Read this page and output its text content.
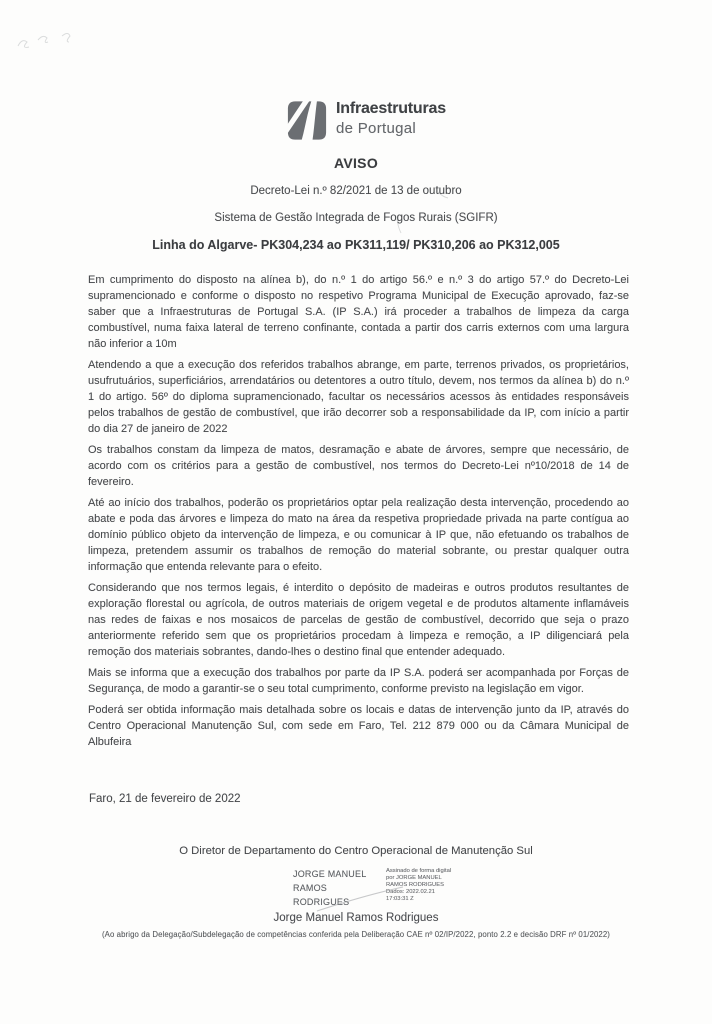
Infraestruturas
de Portugal
AVISO
Decreto-Lei n.º 82/2021 de 13 de outubro
Sistema de Gestão Integrada de Fogos Rurais (SGIFR)
Linha do Algarve- PK304,234 ao PK311,119/ PK310,206 ao PK312,005

Em cumprimento do disposto na alínea b), do n.º 1 do artigo 56.º e n.º 3 do artigo 57.º do Decreto-Lei supramencionado e conforme o disposto no respetivo Programa Municipal de Execução aprovado, faz-se saber que a Infraestruturas de Portugal S.A. (IP S.A.) irá proceder a trabalhos de limpeza da carga combustível, numa faixa lateral de terreno confinante, contada a partir dos carris externos com uma largura não inferior a 10m

Atendendo a que a execução dos referidos trabalhos abrange, em parte, terrenos privados, os proprietários, usufrutuários, superficiários, arrendatários ou detentores a outro título, devem, nos termos da alínea b) do n.º 1 do artigo. 56º do diploma supramencionado, facultar os necessários acessos às entidades responsáveis pelos trabalhos de gestão de combustível, que irão decorrer sob a responsabilidade da IP, com início a partir do dia 27 de janeiro de 2022

Os trabalhos constam da limpeza de matos, desramação e abate de árvores, sempre que necessário, de acordo com os critérios para a gestão de combustível, nos termos do Decreto-Lei nº10/2018 de 14 de fevereiro.

Até ao início dos trabalhos, poderão os proprietários optar pela realização desta intervenção, procedendo ao abate e poda das árvores e limpeza do mato na área da respetiva propriedade privada na parte contígua ao domínio público objeto da intervenção de limpeza, e ou comunicar à IP que, não efetuando os trabalhos de limpeza, pretendem assumir os trabalhos de remoção do material sobrante, ou prestar qualquer outra informação que entenda relevante para o efeito.

Considerando que nos termos legais, é interdito o depósito de madeiras e outros produtos resultantes de exploração florestal ou agrícola, de outros materiais de origem vegetal e de produtos altamente inflamáveis nas redes de faixas e nos mosaicos de parcelas de gestão de combustível, decorrido que seja o prazo anteriormente referido sem que os proprietários procedam à limpeza e remoção, a IP diligenciará pela remoção dos materiais sobrantes, dando-lhes o destino final que entender adequado.

Mais se informa que a execução dos trabalhos por parte da IP S.A. poderá ser acompanhada por Forças de Segurança, de modo a garantir-se o seu total cumprimento, conforme previsto na legislação em vigor.

Poderá ser obtida informação mais detalhada sobre os locais e datas de intervenção junto da IP, através do Centro Operacional Manutenção Sul, com sede em Faro, Tel. 212 879 000 ou da Câmara Municipal de Albufeira

Faro, 21 de fevereiro de 2022
O Diretor de Departamento do Centro Operacional de Manutenção Sul
JORGE MANUEL
RAMOS
RODRIGUES
Assinado de forma digital
por JORGE MANUEL
RAMOS RODRIGUES
Dados: 2022.02.21
17:03:31 Z
Jorge Manuel Ramos Rodrigues
(Ao abrigo da Delegação/Subdelegação de competências conferida pela Deliberação CAE nº 02/IP/2022, ponto 2.2 e decisão DRF nº 01/2022)
